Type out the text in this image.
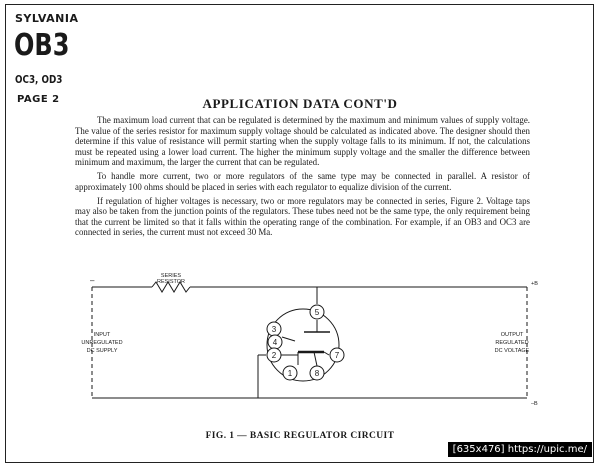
SYLVANIA
OB3
OC3, OD3
PAGE 2	APPLICATION DATA CONT'D

The maximum load current that can be regulated is determined by the maximum and minimum values of supply voltage. The value of the series resistor for maximum supply voltage should be calculated as indicated above. The designer should then determine if this value of resistance will permit starting when the supply voltage falls to its minimum. If not, the calculations must be repeated using a lower load current. The higher the minimum supply voltage and the smaller the difference between minimum and maximum, the larger the current that can be regulated.

To handle more current, two or more regulators of the same type may be connected in parallel. A resistor of approximately 100 ohms should be placed in series with each regulator to equalize division of the current.

If regulation of higher voltages is necessary, two or more regulators may be connected in series, Figure 2. Voltage taps may also be taken from the junction points of the regulators. These tubes need not be the same type, the only requirement being that the current be limited so that it falls within the operating range of the combination. For example, if an OB3 and OC3 are connected in series, the current must not exceed 30 Ma.

5
3
4
2
1	8
7
–	+B
–B
SERIES
RESISTOR
INPUT
UNREGULATED
DC SUPPLY
OUTPUT
REGULATED
DC VOLTAGE
FIG. 1 — BASIC REGULATOR CIRCUIT
[635x476] https://upic.me/
